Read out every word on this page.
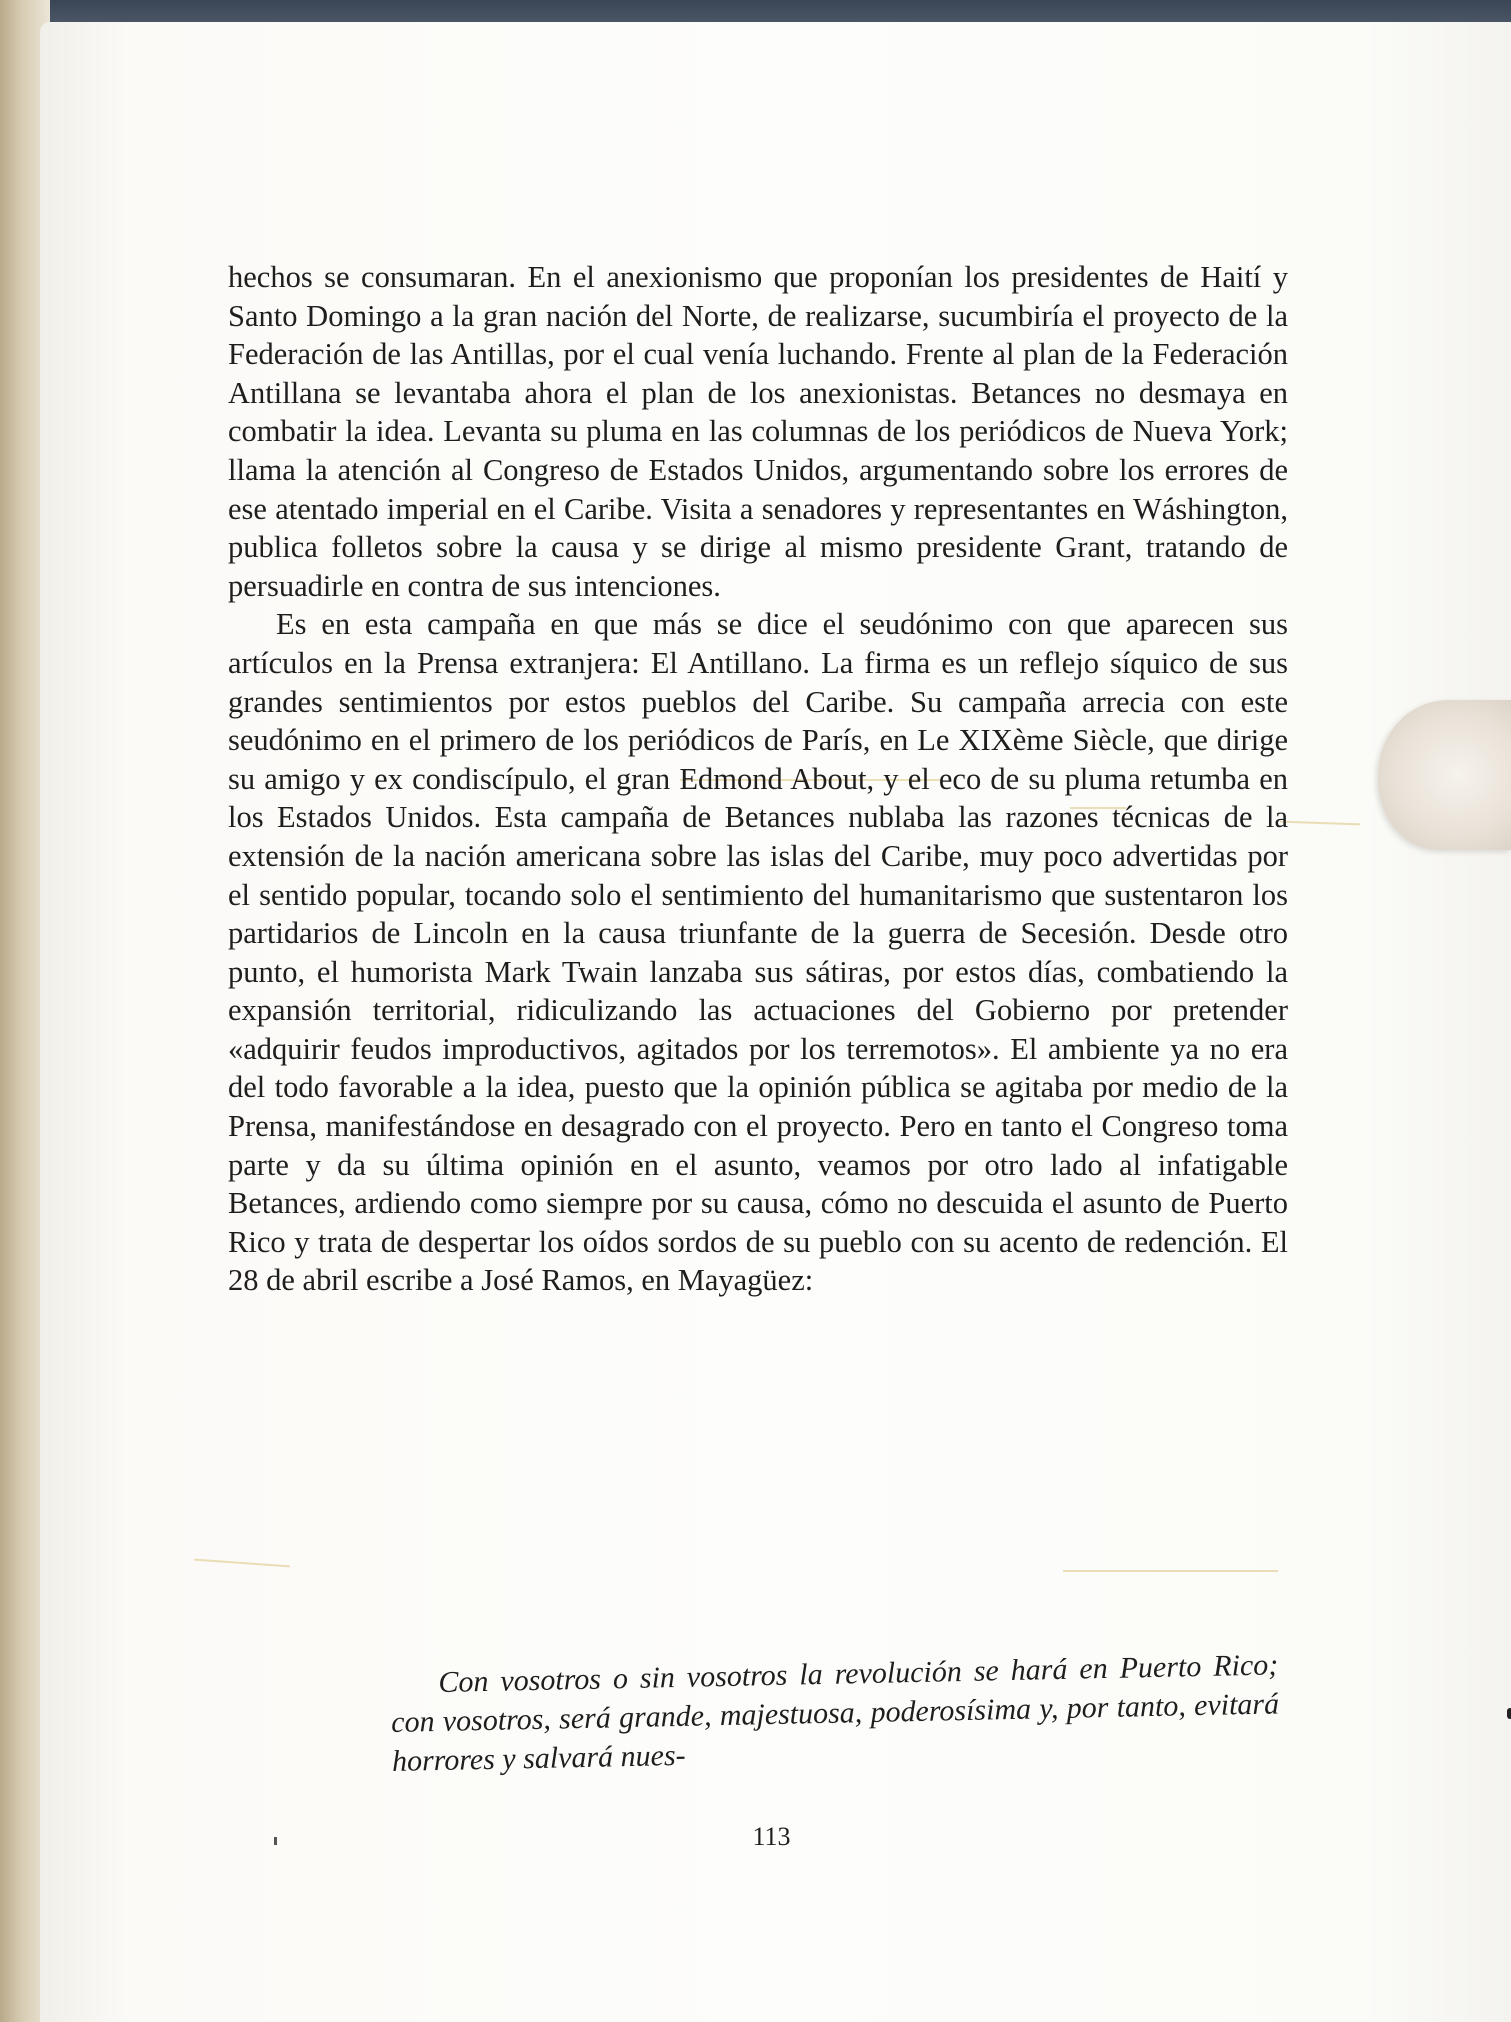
hechos se consumaran. En el anexionismo que proponían los presidentes de Haití y Santo Domingo a la gran nación del Norte, de realizarse, sucumbiría el proyecto de la Federación de las Antillas, por el cual venía luchando. Frente al plan de la Federación Antillana se levantaba ahora el plan de los anexionistas. Betances no desmaya en combatir la idea. Levanta su pluma en las columnas de los periódicos de Nueva York; llama la atención al Congreso de Estados Unidos, argumentando sobre los errores de ese atentado imperial en el Caribe. Visita a senadores y representantes en Wáshington, publica folletos sobre la causa y se dirige al mismo presidente Grant, tratando de persuadirle en contra de sus intenciones.

Es en esta campaña en que más se dice el seudónimo con que aparecen sus artículos en la Prensa extranjera: El Antillano. La firma es un reflejo síquico de sus grandes sentimientos por estos pueblos del Caribe. Su campaña arrecia con este seudónimo en el primero de los periódicos de París, en Le XIXème Siècle, que dirige su amigo y ex condiscípulo, el gran Edmond About, y el eco de su pluma retumba en los Estados Unidos. Esta campaña de Betances nublaba las razones técnicas de la extensión de la nación americana sobre las islas del Caribe, muy poco advertidas por el sentido popular, tocando solo el sentimiento del humanitarismo que sustentaron los partidarios de Lincoln en la causa triunfante de la guerra de Secesión. Desde otro punto, el humorista Mark Twain lanzaba sus sátiras, por estos días, combatiendo la expansión territorial, ridiculizando las actuaciones del Gobierno por pretender «adquirir feudos improductivos, agitados por los terremotos». El ambiente ya no era del todo favorable a la idea, puesto que la opinión pública se agitaba por medio de la Prensa, manifestándose en desagrado con el proyecto. Pero en tanto el Congreso toma parte y da su última opinión en el asunto, veamos por otro lado al infatigable Betances, ardiendo como siempre por su causa, cómo no descuida el asunto de Puerto Rico y trata de despertar los oídos sordos de su pueblo con su acento de redención. El 28 de abril escribe a José Ramos, en Mayagüez:

Con vosotros o sin vosotros la revolución se hará en Puerto Rico; con vosotros, será grande, majestuosa, poderosísima y, por tanto, evitará horrores y salvará nues-

113
